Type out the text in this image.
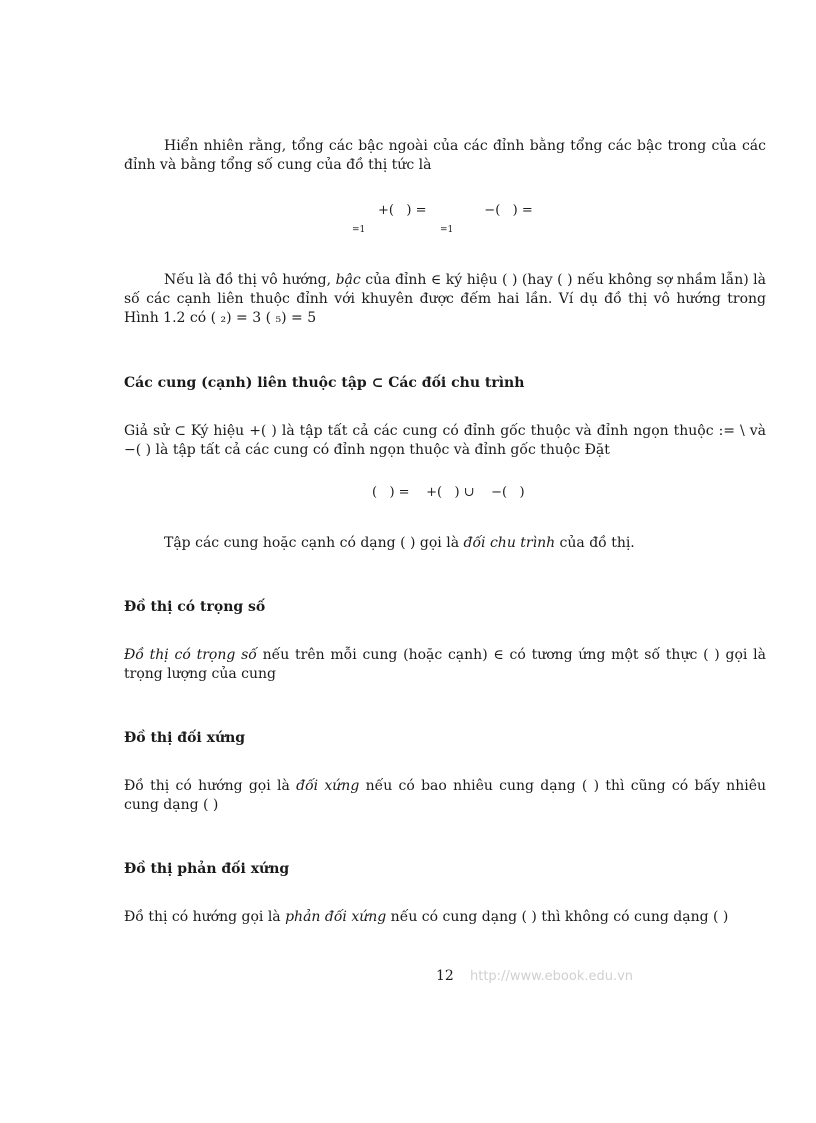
Hiển nhiên rằng, tổng các bậc ngoài của các đỉnh bằng tổng các bậc trong của các đỉnh và bằng tổng số cung của đồ thị tức là
+(   ) =              −(   ) =
=1	=1
Nếu là đồ thị vô hướng, bậc của đỉnh ∈ ký hiệu ( ) (hay ( ) nếu không sợ nhầm lẫn) là số các cạnh liên thuộc đỉnh với khuyên được đếm hai lần. Ví dụ đồ thị vô hướng trong Hình 1.2 có ( ₂) = 3 ( ₅) = 5
Các cung (cạnh) liên thuộc tập ⊂ Các đối chu trình
Giả sử ⊂ Ký hiệu +( ) là tập tất cả các cung có đỉnh gốc thuộc và đỉnh ngọn thuộc := \ và −( ) là tập tất cả các cung có đỉnh ngọn thuộc và đỉnh gốc thuộc Đặt
(   ) =    +(   ) ∪    −(   )
Tập các cung hoặc cạnh có dạng ( ) gọi là đối chu trình của đồ thị.
Đồ thị có trọng số
Đồ thị có trọng số nếu trên mỗi cung (hoặc cạnh) ∈ có tương ứng một số thực ( ) gọi là trọng lượng của cung
Đồ thị đối xứng
Đồ thị có hướng gọi là đối xứng nếu có bao nhiêu cung dạng ( ) thì cũng có bấy nhiêu cung dạng ( )
Đồ thị phản đối xứng
Đồ thị có hướng gọi là phản đối xứng nếu có cung dạng ( ) thì không có cung dạng ( )
12 http://www.ebook.edu.vn
